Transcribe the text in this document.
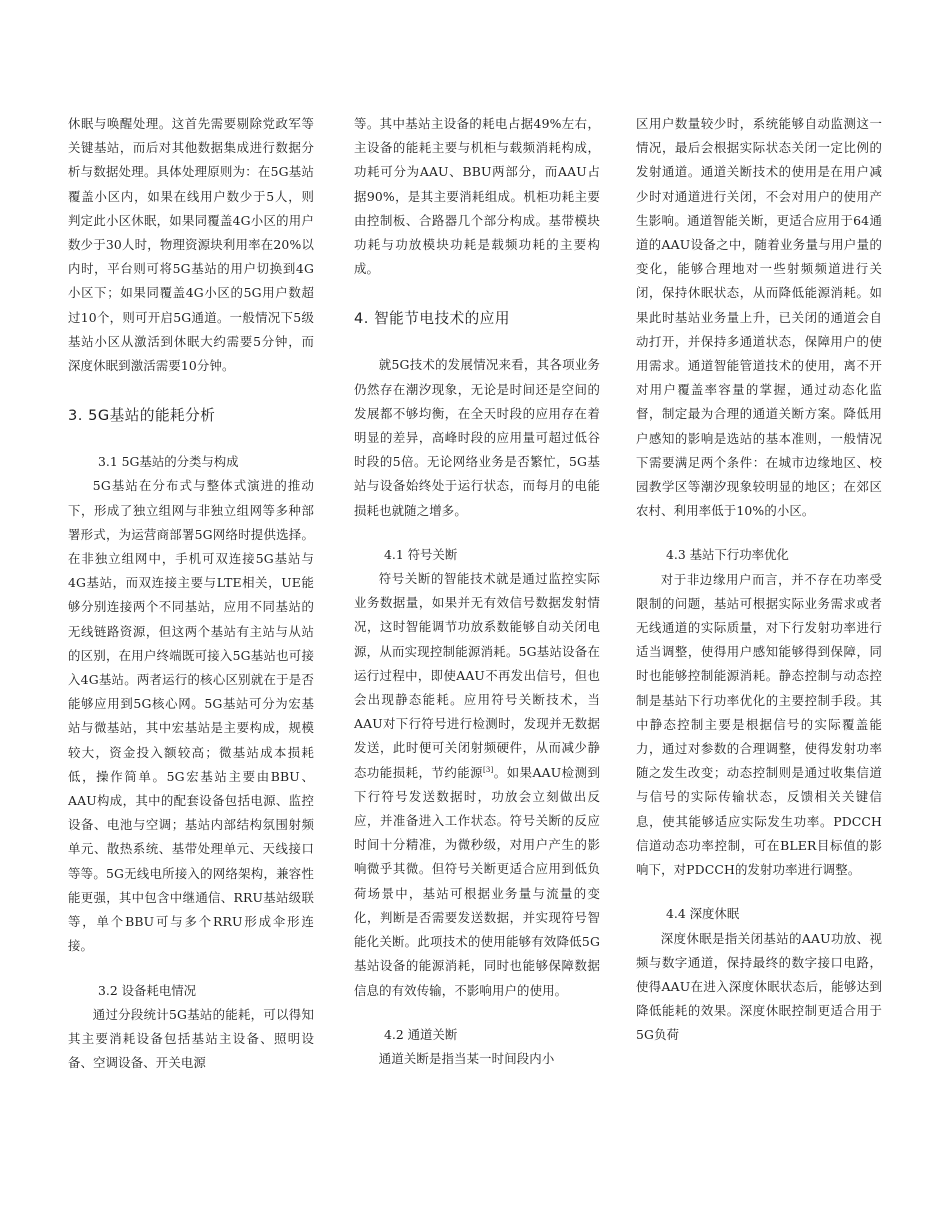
休眠与唤醒处理。这首先需要剔除党政军等关键基站，而后对其他数据集成进行数据分析与数据处理。具体处理原则为：在5G基站覆盖小区内，如果在线用户数少于5人，则判定此小区休眠，如果同覆盖4G小区的用户数少于30人时，物理资源块利用率在20%以内时，平台则可将5G基站的用户切换到4G小区下；如果同覆盖4G小区的5G用户数超过10个，则可开启5G通道。一般情况下5级基站小区从激活到休眠大约需要5分钟，而深度休眠到激活需要10分钟。

3. 5G基站的能耗分析
3.1 5G基站的分类与构成

5G基站在分布式与整体式演进的推动下，形成了独立组网与非独立组网等多种部署形式，为运营商部署5G网络时提供选择。在非独立组网中，手机可双连接5G基站与4G基站，而双连接主要与LTE相关，UE能够分别连接两个不同基站，应用不同基站的无线链路资源，但这两个基站有主站与从站的区别，在用户终端既可接入5G基站也可接入4G基站。两者运行的核心区别就在于是否能够应用到5G核心网。5G基站可分为宏基站与微基站，其中宏基站是主要构成，规模较大，资金投入额较高；微基站成本损耗低，操作简单。5G宏基站主要由BBU、AAU构成，其中的配套设备包括电源、监控设备、电池与空调；基站内部结构氛围射频单元、散热系统、基带处理单元、天线接口等等。5G无线电所接入的网络架构，兼容性能更强，其中包含中继通信、RRU基站级联等，单个BBU可与多个RRU形成伞形连接。

3.2 设备耗电情况

通过分段统计5G基站的能耗，可以得知其主要消耗设备包括基站主设备、照明设备、空调设备、开关电源

等。其中基站主设备的耗电占据49%左右，主设备的能耗主要与机柜与载频消耗构成，功耗可分为AAU、BBU两部分，而AAU占据90%，是其主要消耗组成。机柜功耗主要由控制板、合路器几个部分构成。基带模块功耗与功放模块功耗是载频功耗的主要构成。

4. 智能节电技术的应用

就5G技术的发展情况来看，其各项业务仍然存在潮汐现象，无论是时间还是空间的发展都不够均衡，在全天时段的应用存在着明显的差异，高峰时段的应用量可超过低谷时段的5倍。无论网络业务是否繁忙，5G基站与设备始终处于运行状态，而每月的电能损耗也就随之增多。

4.1 符号关断

符号关断的智能技术就是通过监控实际业务数据量，如果并无有效信号数据发射情况，这时智能调节功放系数能够自动关闭电源，从而实现控制能源消耗。5G基站设备在运行过程中，即使AAU不再发出信号，但也会出现静态能耗。应用符号关断技术，当AAU对下行符号进行检测时，发现并无数据发送，此时便可关闭射频硬件，从而减少静态功能损耗，节约能源[3]。如果AAU检测到下行符号发送数据时，功放会立刻做出反应，并准备进入工作状态。符号关断的反应时间十分精准，为微秒级，对用户产生的影响微乎其微。但符号关断更适合应用到低负荷场景中，基站可根据业务量与流量的变化，判断是否需要发送数据，并实现符号智能化关断。此项技术的使用能够有效降低5G基站设备的能源消耗，同时也能够保障数据信息的有效传输，不影响用户的使用。

4.2 通道关断

通道关断是指当某一时间段内小

区用户数量较少时，系统能够自动监测这一情况，最后会根据实际状态关闭一定比例的发射通道。通道关断技术的使用是在用户减少时对通道进行关闭，不会对用户的使用产生影响。通道智能关断，更适合应用于64通道的AAU设备之中，随着业务量与用户量的变化，能够合理地对一些射频频道进行关闭，保持休眠状态，从而降低能源消耗。如果此时基站业务量上升，已关闭的通道会自动打开，并保持多通道状态，保障用户的使用需求。通道智能管道技术的使用，离不开对用户覆盖率容量的掌握，通过动态化监督，制定最为合理的通道关断方案。降低用户感知的影响是选站的基本准则，一般情况下需要满足两个条件：在城市边缘地区、校园教学区等潮汐现象较明显的地区；在郊区农村、利用率低于10%的小区。

4.3 基站下行功率优化

对于非边缘用户而言，并不存在功率受限制的问题，基站可根据实际业务需求或者无线通道的实际质量，对下行发射功率进行适当调整，使得用户感知能够得到保障，同时也能够控制能源消耗。静态控制与动态控制是基站下行功率优化的主要控制手段。其中静态控制主要是根据信号的实际覆盖能力，通过对参数的合理调整，使得发射功率随之发生改变；动态控制则是通过收集信道与信号的实际传输状态，反馈相关关键信息，使其能够适应实际发生功率。PDCCH信道动态功率控制，可在BLER目标值的影响下，对PDCCH的发射功率进行调整。

4.4 深度休眠

深度休眠是指关闭基站的AAU功放、视频与数字通道，保持最终的数字接口电路，使得AAU在进入深度休眠状态后，能够达到降低能耗的效果。深度休眠控制更适合用于5G负荷
